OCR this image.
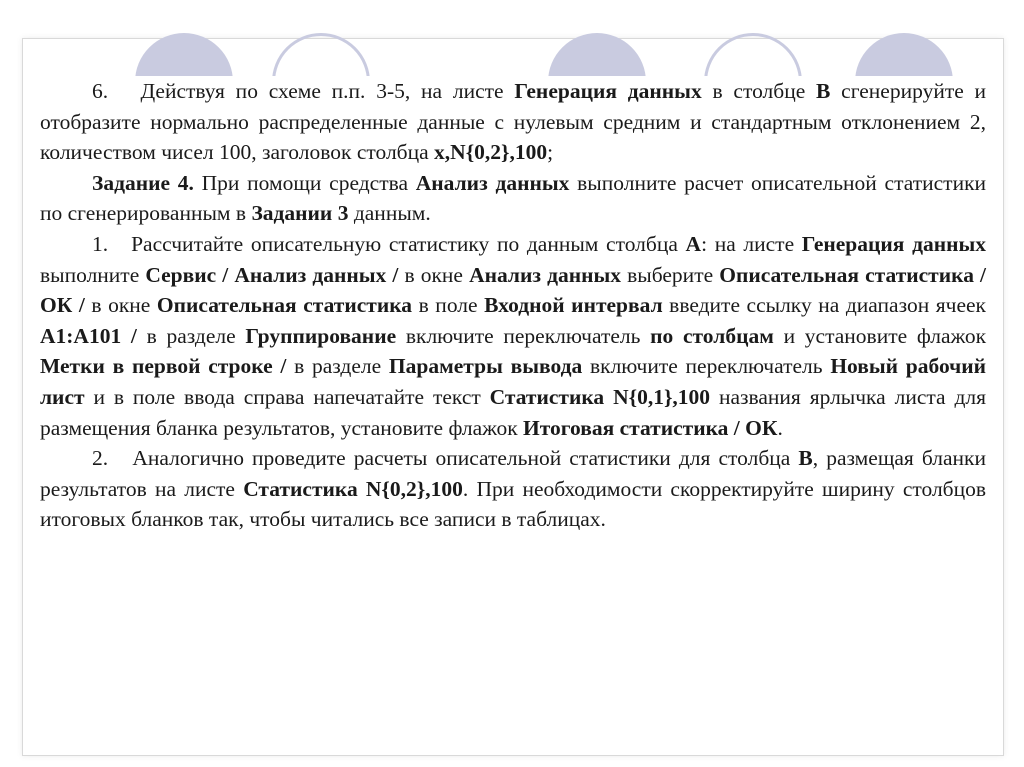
6. Действуя по схеме п.п. 3-5, на листе Генерация данных в столбце B сгенерируйте и отобразите нормально распределенные данные с нулевым средним и стандартным отклонением 2, количеством чисел 100, заголовок столбца x,N{0,2},100;

Задание 4. При помощи средства Анализ данных выполните расчет описательной статистики по сгенерированным в Задании 3 данным.

1. Рассчитайте описательную статистику по данным столбца A: на листе Генерация данных выполните Сервис / Анализ данных / в окне Анализ данных выберите Описательная статистика / ОК / в окне Описательная статистика в поле Входной интервал введите ссылку на диапазон ячеек A1:A101 / в разделе Группирование включите переключатель по столбцам и установите флажок Метки в первой строке / в разделе Параметры вывода включите переключатель Новый рабочий лист и в поле ввода справа напечатайте текст Статистика N{0,1},100 названия ярлычка листа для размещения бланка результатов, установите флажок Итоговая статистика / ОК.

2. Аналогично проведите расчеты описательной статистики для столбца B, размещая бланки результатов на листе Статистика N{0,2},100. При необходимости скорректируйте ширину столбцов итоговых бланков так, чтобы читались все записи в таблицах.
